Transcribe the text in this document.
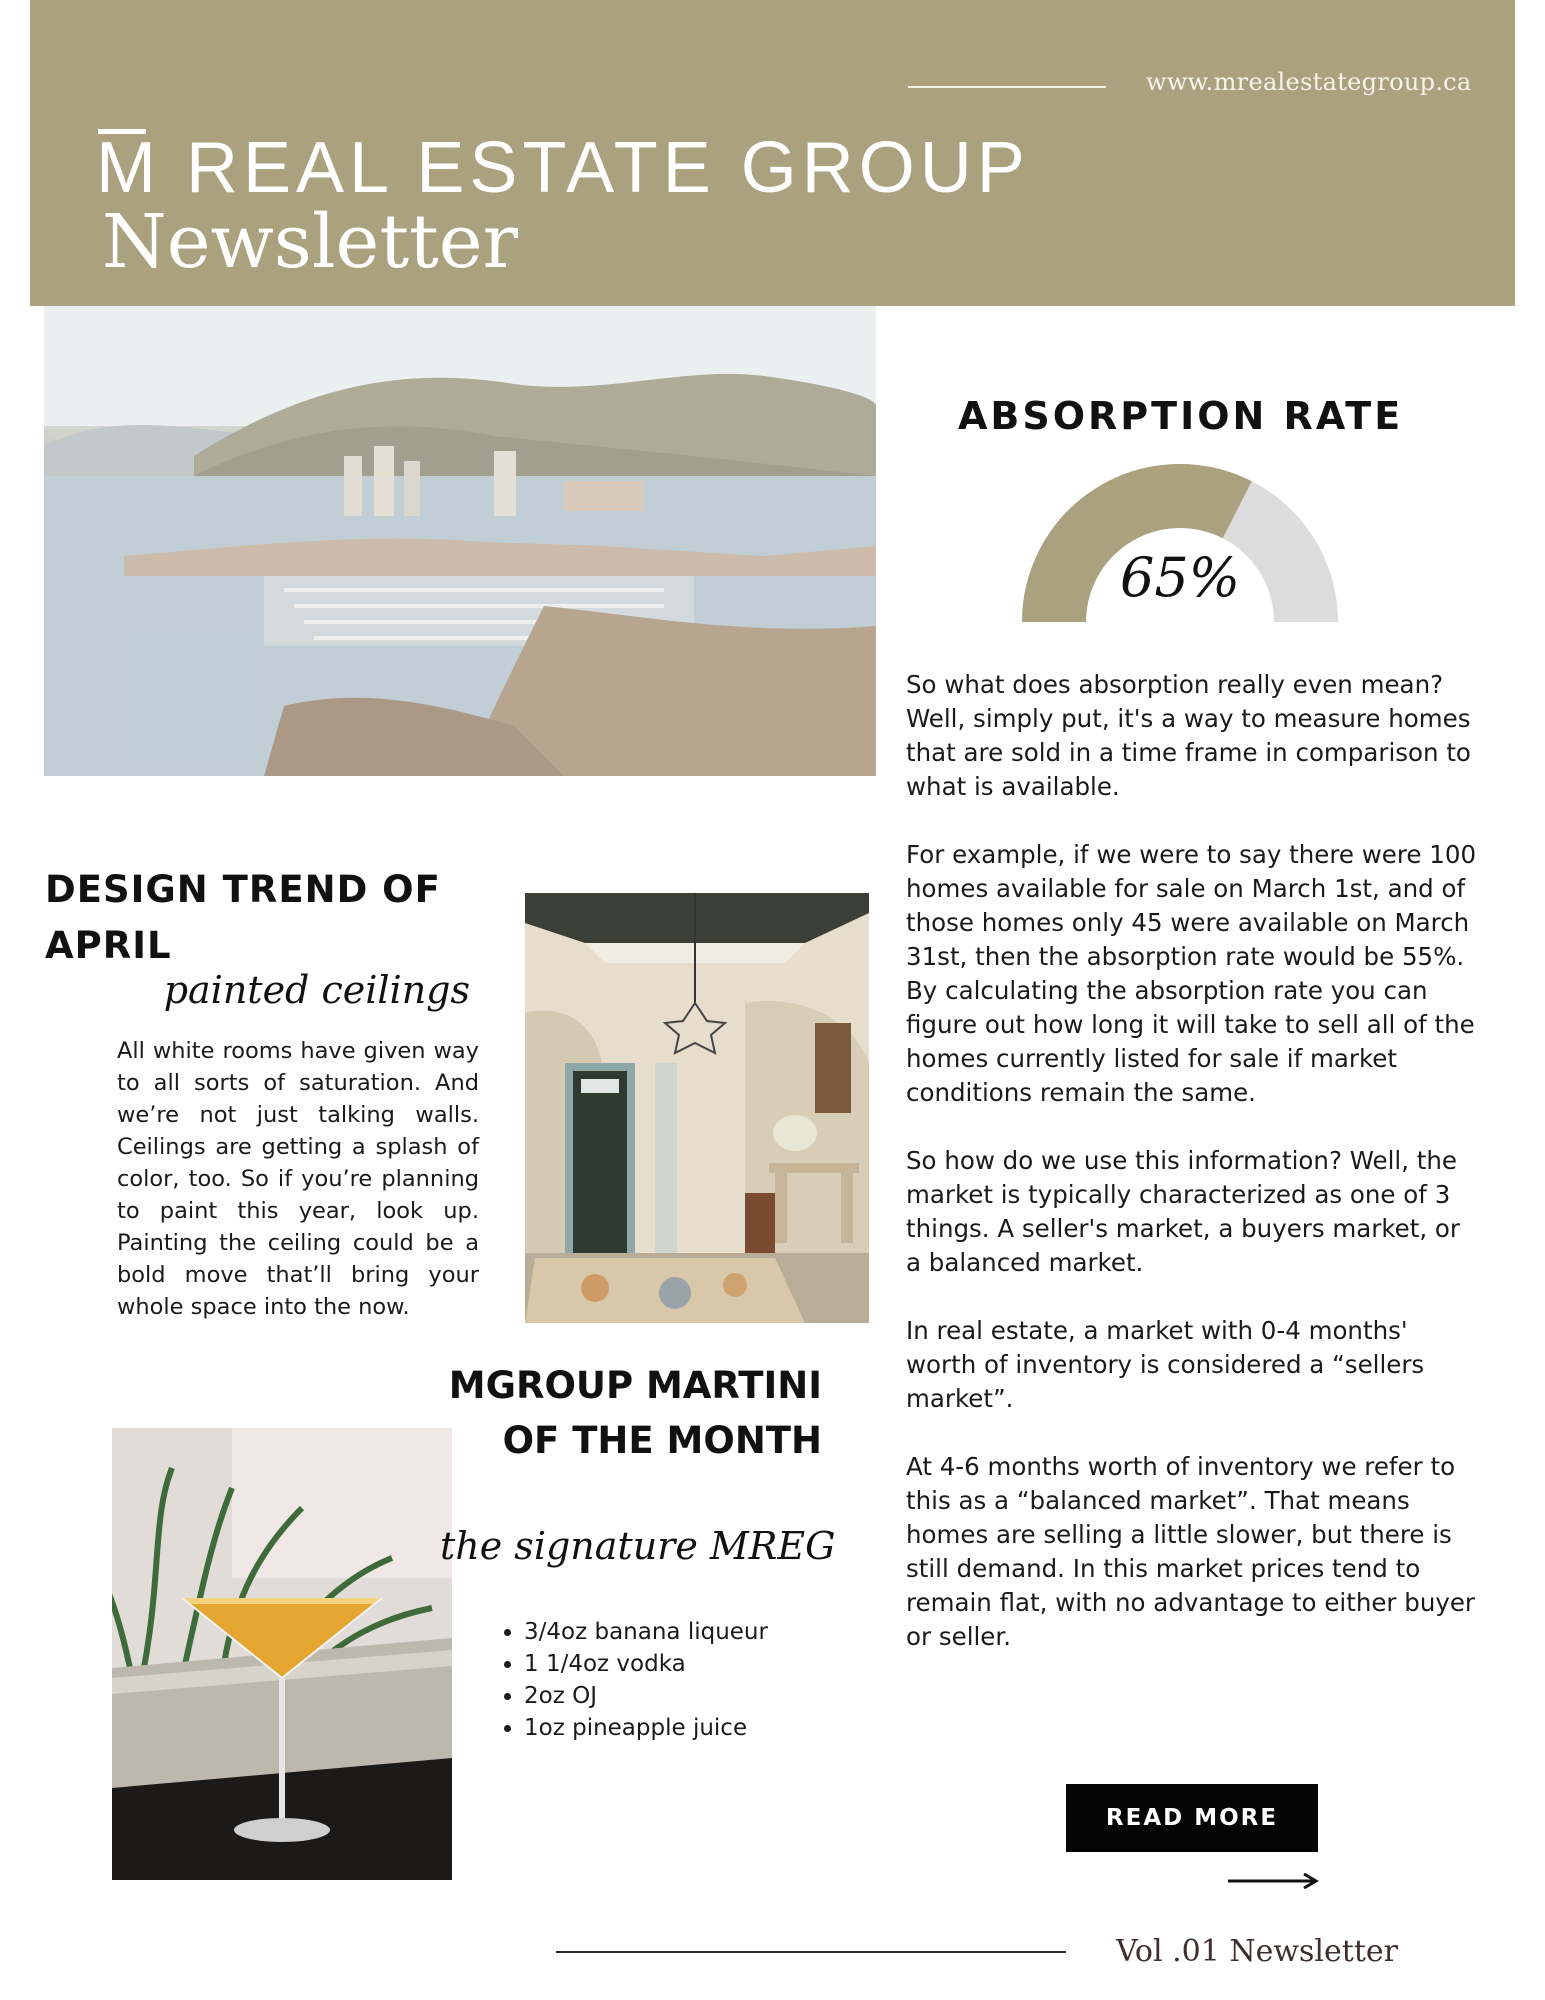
www.mrealestategroup.ca
M REAL ESTATE GROUP
Newsletter
ABSORPTION RATE
65%

So what does absorption really even mean? Well, simply put, it's a way to measure homes that are sold in a time frame in comparison to what is available.

For example, if we were to say there were 100 homes available for sale on March 1st, and of those homes only 45 were available on March 31st, then the absorption rate would be 55%. By calculating the absorption rate you can figure out how long it will take to sell all of the homes currently listed for sale if market conditions remain the same.

So how do we use this information? Well, the market is typically characterized as one of 3 things. A seller's market, a buyers market, or a balanced market.

In real estate, a market with 0-4 months' worth of inventory is considered a “sellers market”.

At 4-6 months worth of inventory we refer to this as a “balanced market”. That means homes are selling a little slower, but there is still demand. In this market prices tend to remain flat, with no advantage to either buyer or seller.

DESIGN TREND OF APRIL
painted ceilings
All white rooms have given way to all sorts of saturation. And we’re not just talking walls. Ceilings are getting a splash of color, too. So if you’re planning to paint this year, look up. Painting the ceiling could be a bold move that’ll bring your whole space into the now.
MGROUP MARTINI OF THE MONTH
the signature MREG
• 3/4oz banana liqueur
• 1 1/4oz vodka
• 2oz OJ
• 1oz pineapple juice
READ MORE
Vol .01 Newsletter
